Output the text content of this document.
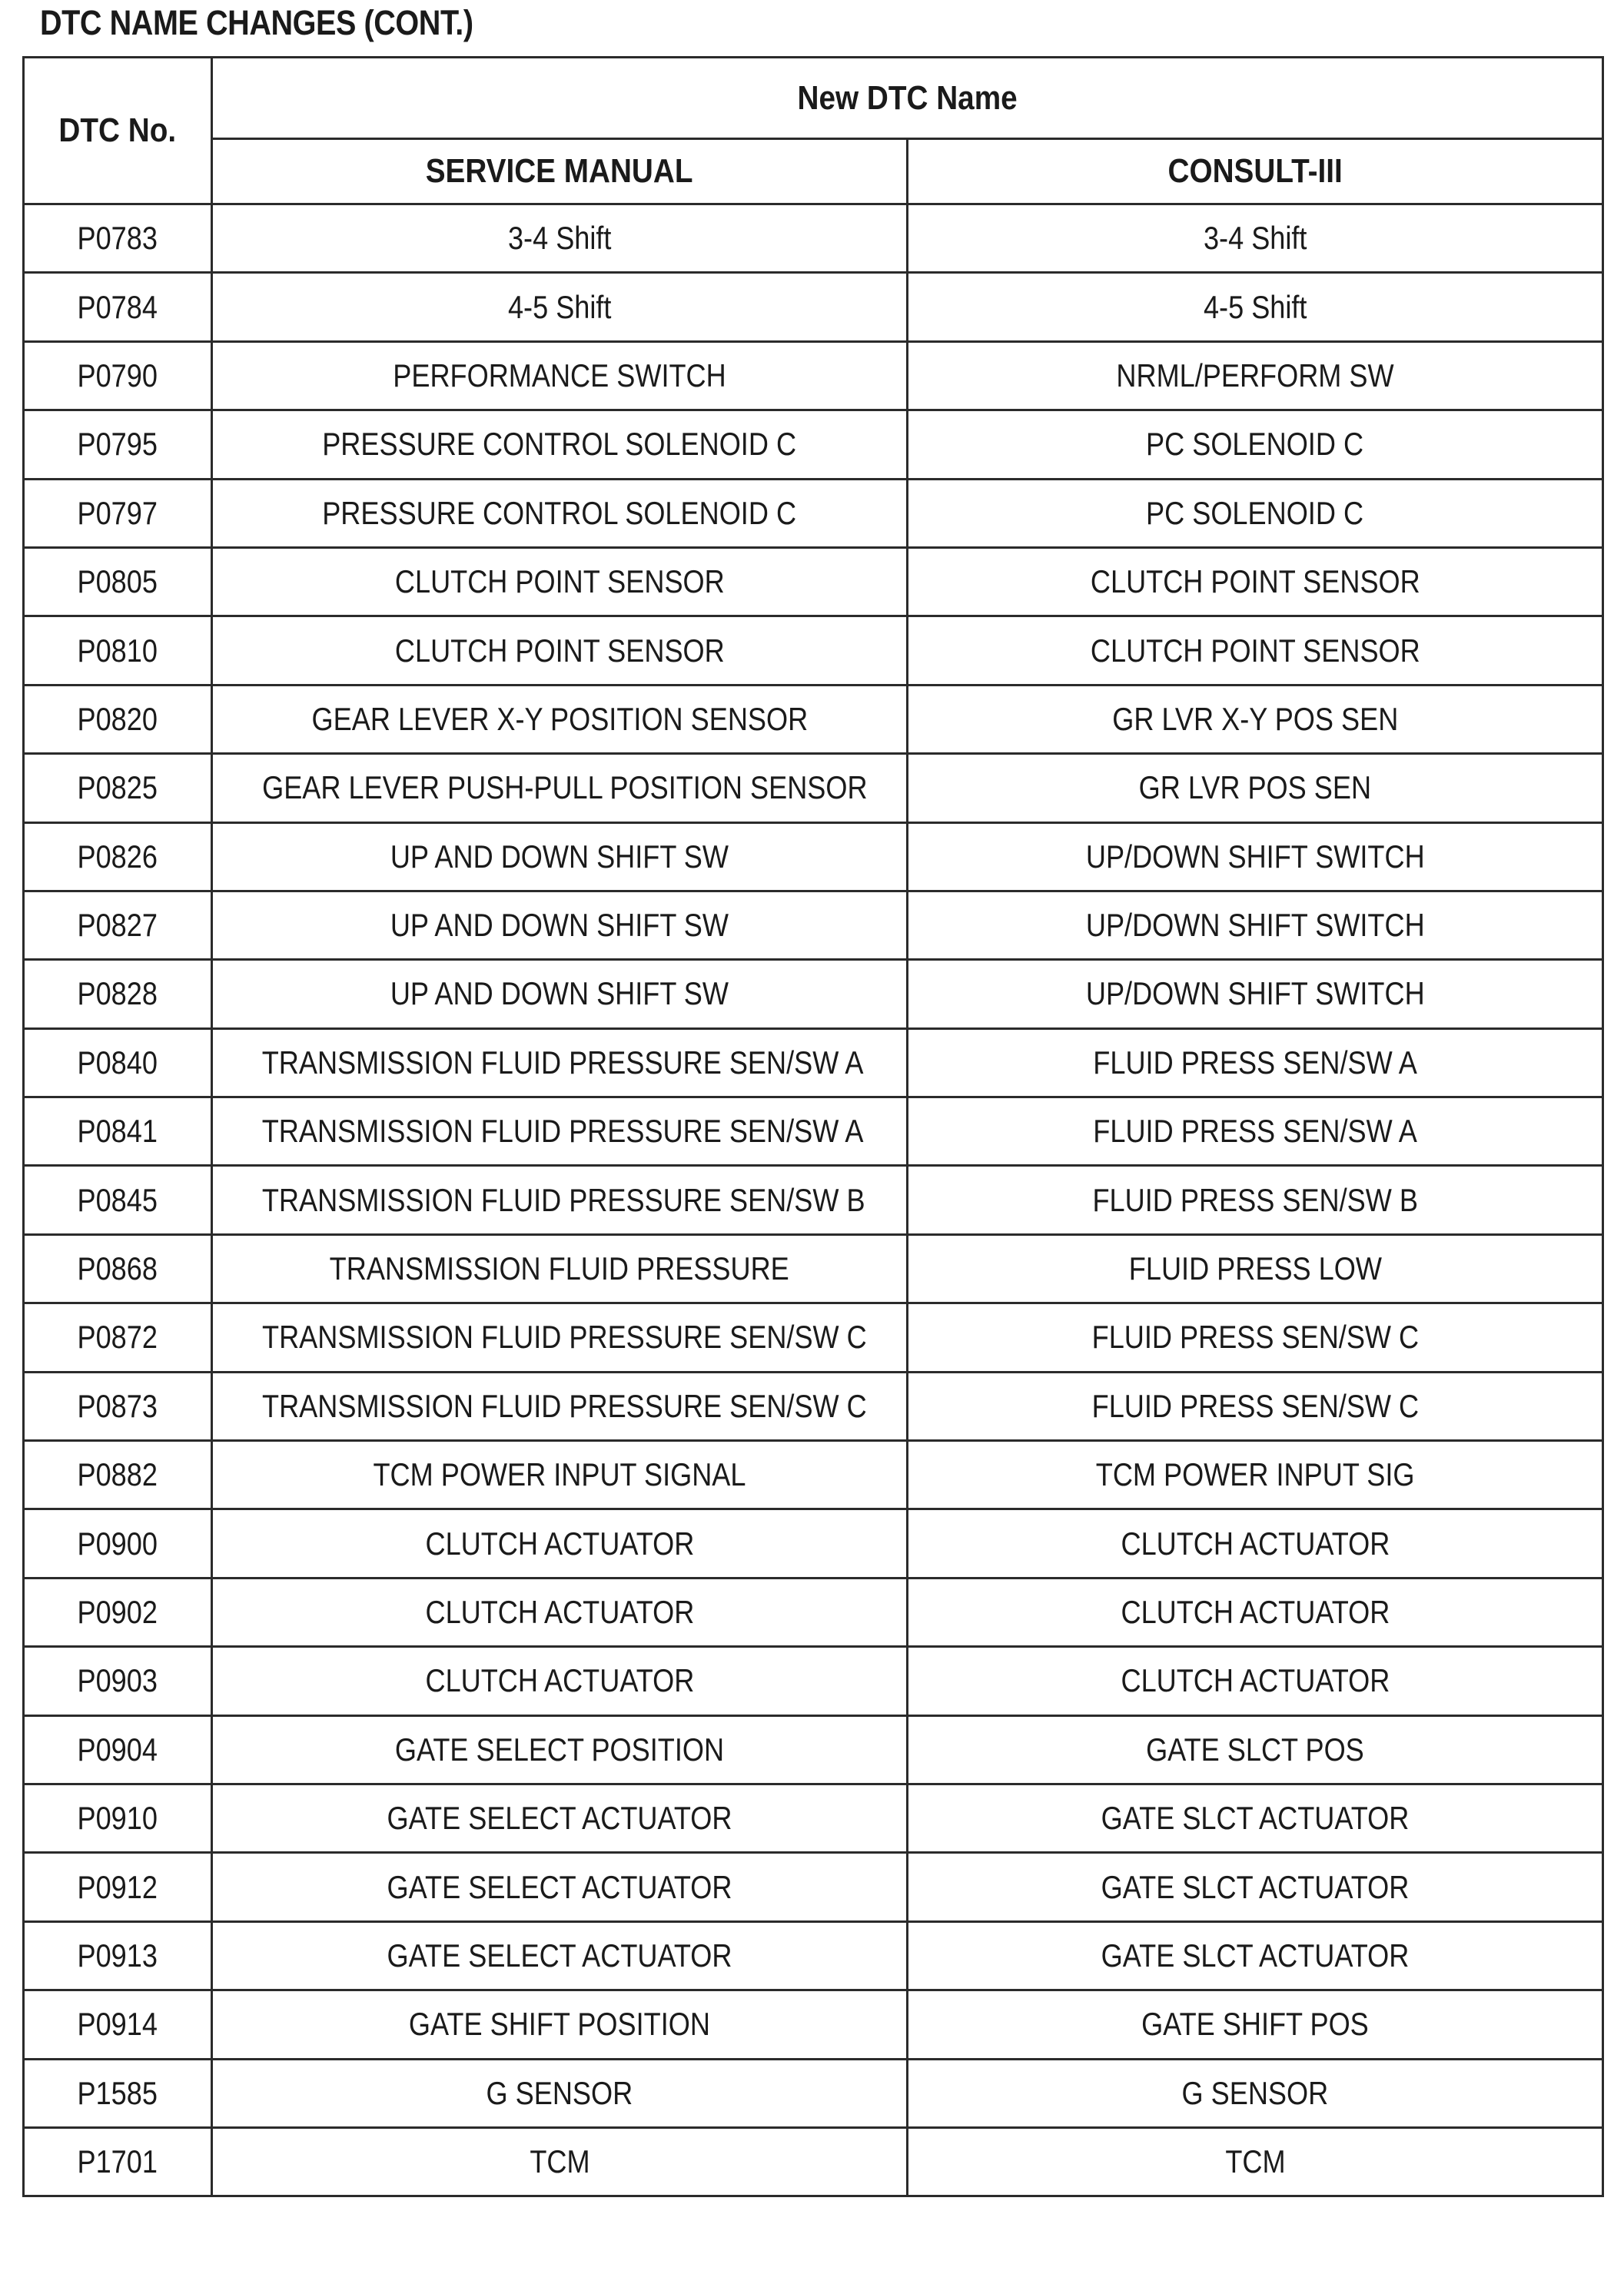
DTC NAME CHANGES (CONT.)
DTC No.	New DTC Name	
	SERVICE MANUAL	CONSULT-III
P0783	3-4 Shift	3-4 Shift
P0784	4-5 Shift	4-5 Shift
P0790	PERFORMANCE SWITCH	NRML/PERFORM SW
P0795	PRESSURE CONTROL SOLENOID C	PC SOLENOID C
P0797	PRESSURE CONTROL SOLENOID C	PC SOLENOID C
P0805	CLUTCH POINT SENSOR	CLUTCH POINT SENSOR
P0810	CLUTCH POINT SENSOR	CLUTCH POINT SENSOR
P0820	GEAR LEVER X-Y POSITION SENSOR	GR LVR X-Y POS SEN
P0825	GEAR LEVER PUSH-PULL POSITION SENSOR	GR LVR POS SEN
P0826	UP AND DOWN SHIFT SW	UP/DOWN SHIFT SWITCH
P0827	UP AND DOWN SHIFT SW	UP/DOWN SHIFT SWITCH
P0828	UP AND DOWN SHIFT SW	UP/DOWN SHIFT SWITCH
P0840	TRANSMISSION FLUID PRESSURE SEN/SW A	FLUID PRESS SEN/SW A
P0841	TRANSMISSION FLUID PRESSURE SEN/SW A	FLUID PRESS SEN/SW A
P0845	TRANSMISSION FLUID PRESSURE SEN/SW B	FLUID PRESS SEN/SW B
P0868	TRANSMISSION FLUID PRESSURE	FLUID PRESS LOW
P0872	TRANSMISSION FLUID PRESSURE SEN/SW C	FLUID PRESS SEN/SW C
P0873	TRANSMISSION FLUID PRESSURE SEN/SW C	FLUID PRESS SEN/SW C
P0882	TCM POWER INPUT SIGNAL	TCM POWER INPUT SIG
P0900	CLUTCH ACTUATOR	CLUTCH ACTUATOR
P0902	CLUTCH ACTUATOR	CLUTCH ACTUATOR
P0903	CLUTCH ACTUATOR	CLUTCH ACTUATOR
P0904	GATE SELECT POSITION	GATE SLCT POS
P0910	GATE SELECT ACTUATOR	GATE SLCT ACTUATOR
P0912	GATE SELECT ACTUATOR	GATE SLCT ACTUATOR
P0913	GATE SELECT ACTUATOR	GATE SLCT ACTUATOR
P0914	GATE SHIFT POSITION	GATE SHIFT POS
P1585	G SENSOR	G SENSOR
P1701	TCM	TCM
